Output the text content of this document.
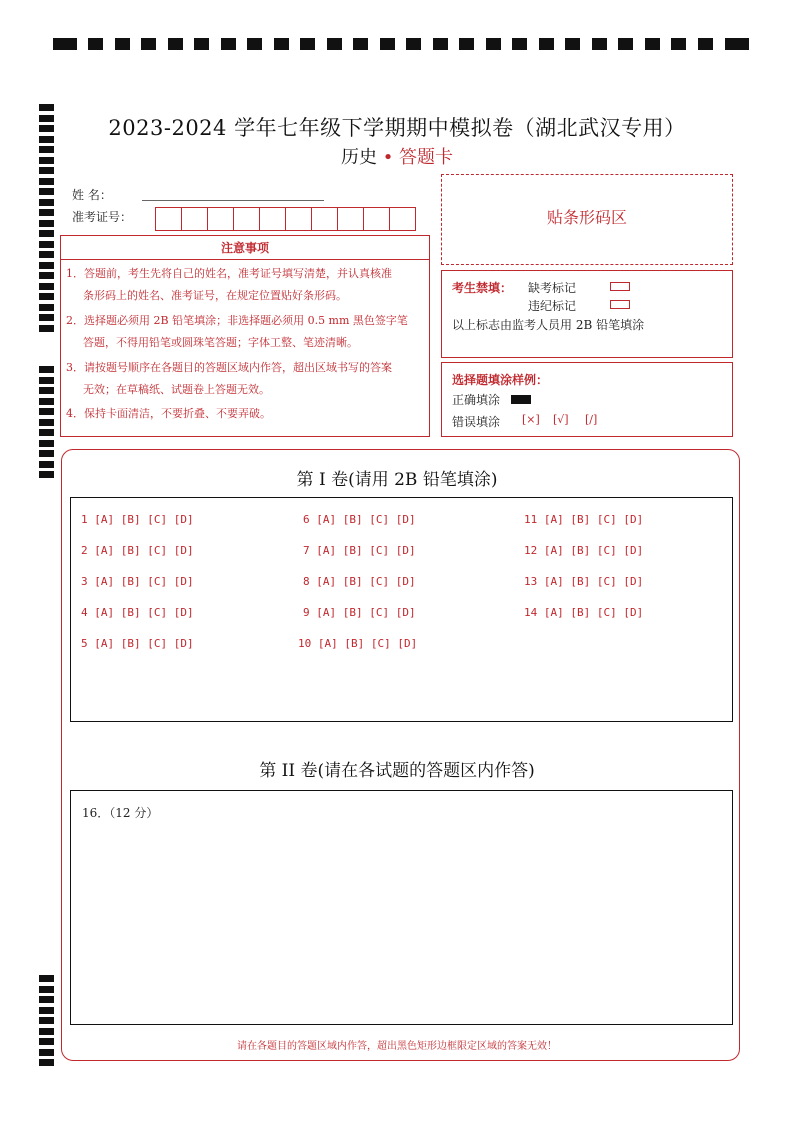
2023-2024 学年七年级下学期期中模拟卷（湖北武汉专用）
历史 • 答题卡
姓 名：
准考证号：
注意事项
1．答题前，考生先将自己的姓名，准考证号填写清楚，并认真核准
条形码上的姓名、准考证号，在规定位置贴好条形码。
2．选择题必须用 2B 铅笔填涂；非选择题必须用 0.5 mm 黑色签字笔
答题，不得用铅笔或圆珠笔答题；字体工整、笔迹清晰。
3．请按题号顺序在各题目的答题区域内作答，超出区域书写的答案
无效；在草稿纸、试题卷上答题无效。
4．保持卡面清洁，不要折叠、不要弄破。
贴条形码区
考生禁填： 缺考标记
违纪标记
以上标志由监考人员用 2B 铅笔填涂
选择题填涂样例：
正确填涂
错误填涂 [×] [√] [/]
第 I 卷(请用 2B 铅笔填涂)
1 [A] [B] [C] [D]
2 [A] [B] [C] [D]
3 [A] [B] [C] [D]
4 [A] [B] [C] [D]
5 [A] [B] [C] [D]
6 [A] [B] [C] [D]
7 [A] [B] [C] [D]
8 [A] [B] [C] [D]
9 [A] [B] [C] [D]
10 [A] [B] [C] [D]
11 [A] [B] [C] [D]
12 [A] [B] [C] [D]
13 [A] [B] [C] [D]
14 [A] [B] [C] [D]
第 II 卷(请在各试题的答题区内作答)
16．（12 分）
请在各题目的答题区域内作答，超出黑色矩形边框限定区域的答案无效！
